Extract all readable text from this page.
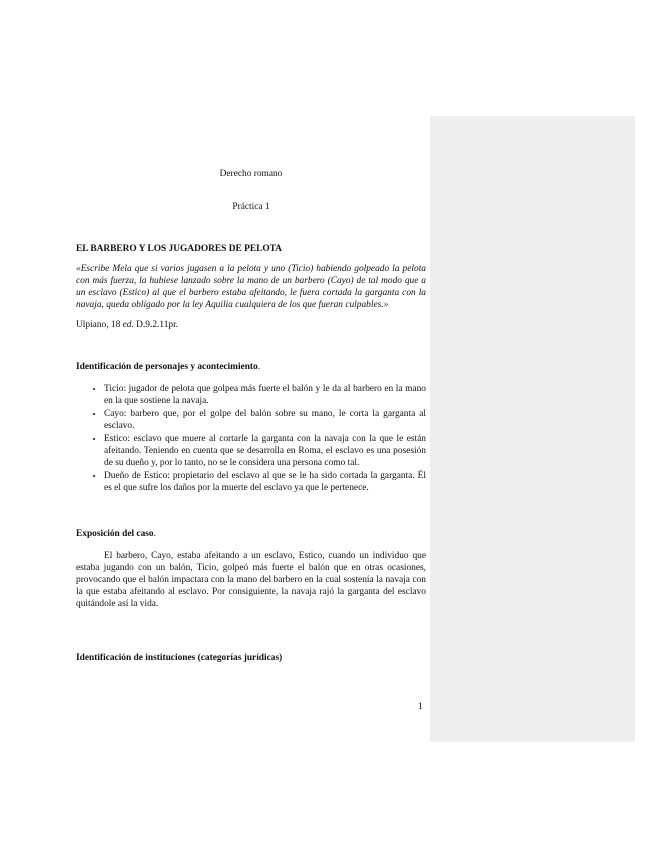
Derecho romano

Práctica 1

EL BARBERO Y LOS JUGADORES DE PELOTA

«Escribe Mela que si varios jugasen a la pelota y uno (Ticio) habiendo golpeado la pelota con más fuerza, la hubiese lanzado sobre la mano de un barbero (Cayo) de tal modo que a un esclavo (Estico) al que el barbero estaba afeitando, le fuera cortada la garganta con la navaja, queda obligado por la ley Aquilia cualquiera de los que fueran culpables.»

Ulpiano, 18 ed. D.9.2.11pr.

Identificación de personajes y acontecimiento.

• Ticio: jugador de pelota que golpea más fuerte el balón y le da al barbero en la mano en la que sostiene la navaja.
• Cayo: barbero que, por el golpe del balón sobre su mano, le corta la garganta al esclavo.
• Estico: esclavo que muere al cortarle la garganta con la navaja con la que le están afeitando. Teniendo en cuenta que se desarrolla en Roma, el esclavo es una posesión de su dueño y, por lo tanto, no se le considera una persona como tal.
• Dueño de Estico: propietario del esclavo al que se le ha sido cortada la garganta. Él es el que sufre los daños por la muerte del esclavo ya que le pertenece.

Exposición del caso.

El barbero, Cayo, estaba afeitando a un esclavo, Estico, cuando un individuo que estaba jugando con un balón, Ticio, golpeó más fuerte el balón que en otras ocasiones, provocando que el balón impactara con la mano del barbero en la cual sostenía la navaja con la que estaba afeitando al esclavo. Por consiguiente, la navaja rajó la garganta del esclavo quitándole así la vida.

Identificación de instituciones (categorías jurídicas)

1
